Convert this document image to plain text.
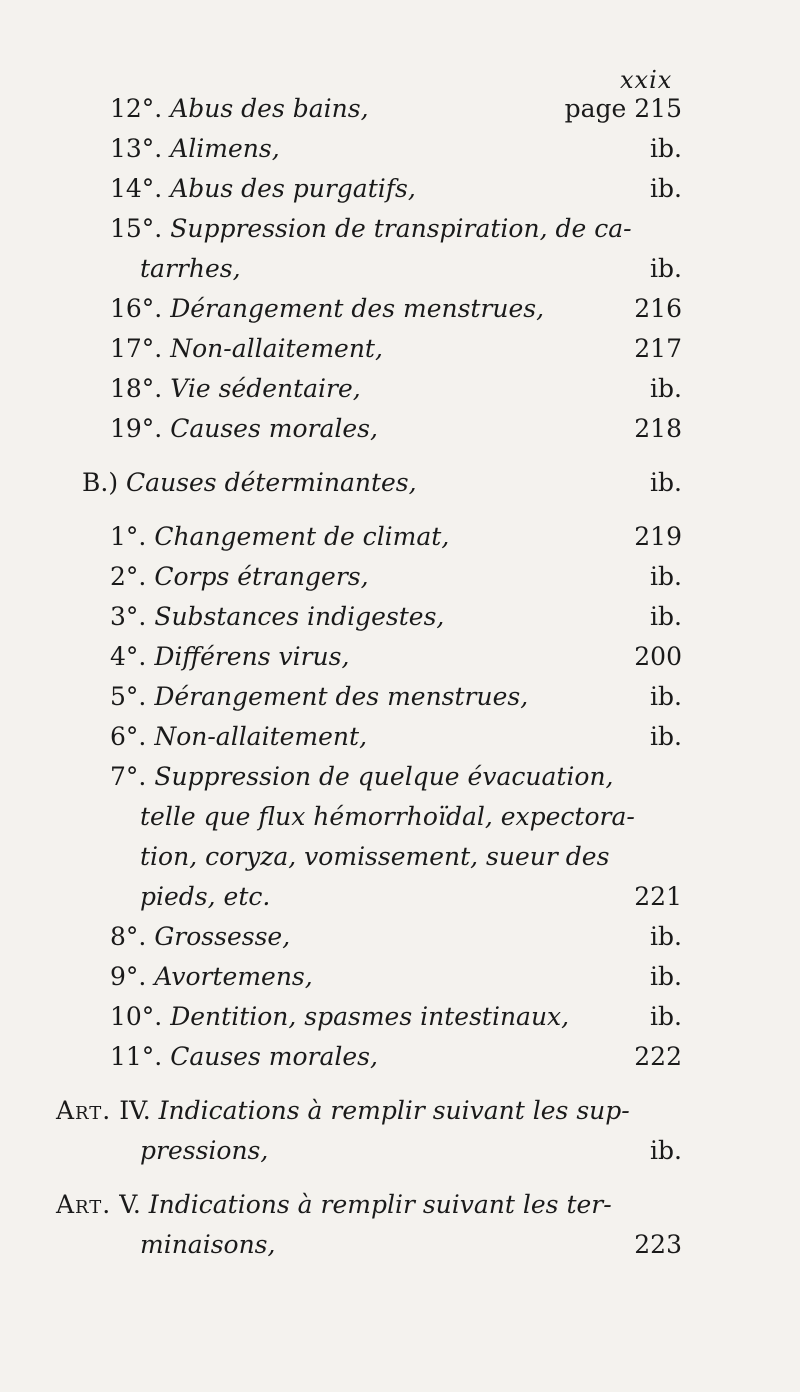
xxix
12°. Abus des bains,	page 215
13°. Alimens,	ib.
14°. Abus des purgatifs,	ib.
15°. Suppression de transpiration, de ca-
tarrhes,	ib.
16°. Dérangement des menstrues,	216
17°. Non-allaitement,	217
18°. Vie sédentaire,	ib.
19°. Causes morales,	218
B.) Causes déterminantes,	ib.
1°. Changement de climat,	219
2°. Corps étrangers,	ib.
3°. Substances indigestes,	ib.
4°. Différens virus,	200
5°. Dérangement des menstrues,	ib.
6°. Non-allaitement,	ib.
7°. Suppression de quelque évacuation,
telle que flux hémorrhoïdal, expectora-
tion, coryza, vomissement, sueur des
pieds, etc.	221
8°. Grossesse,	ib.
9°. Avortemens,	ib.
10°. Dentition, spasmes intestinaux,	ib.
11°. Causes morales,	222
Art. IV. Indications à remplir suivant les sup-
pressions,	ib.
Art. V. Indications à remplir suivant les ter-
minaisons,	223
